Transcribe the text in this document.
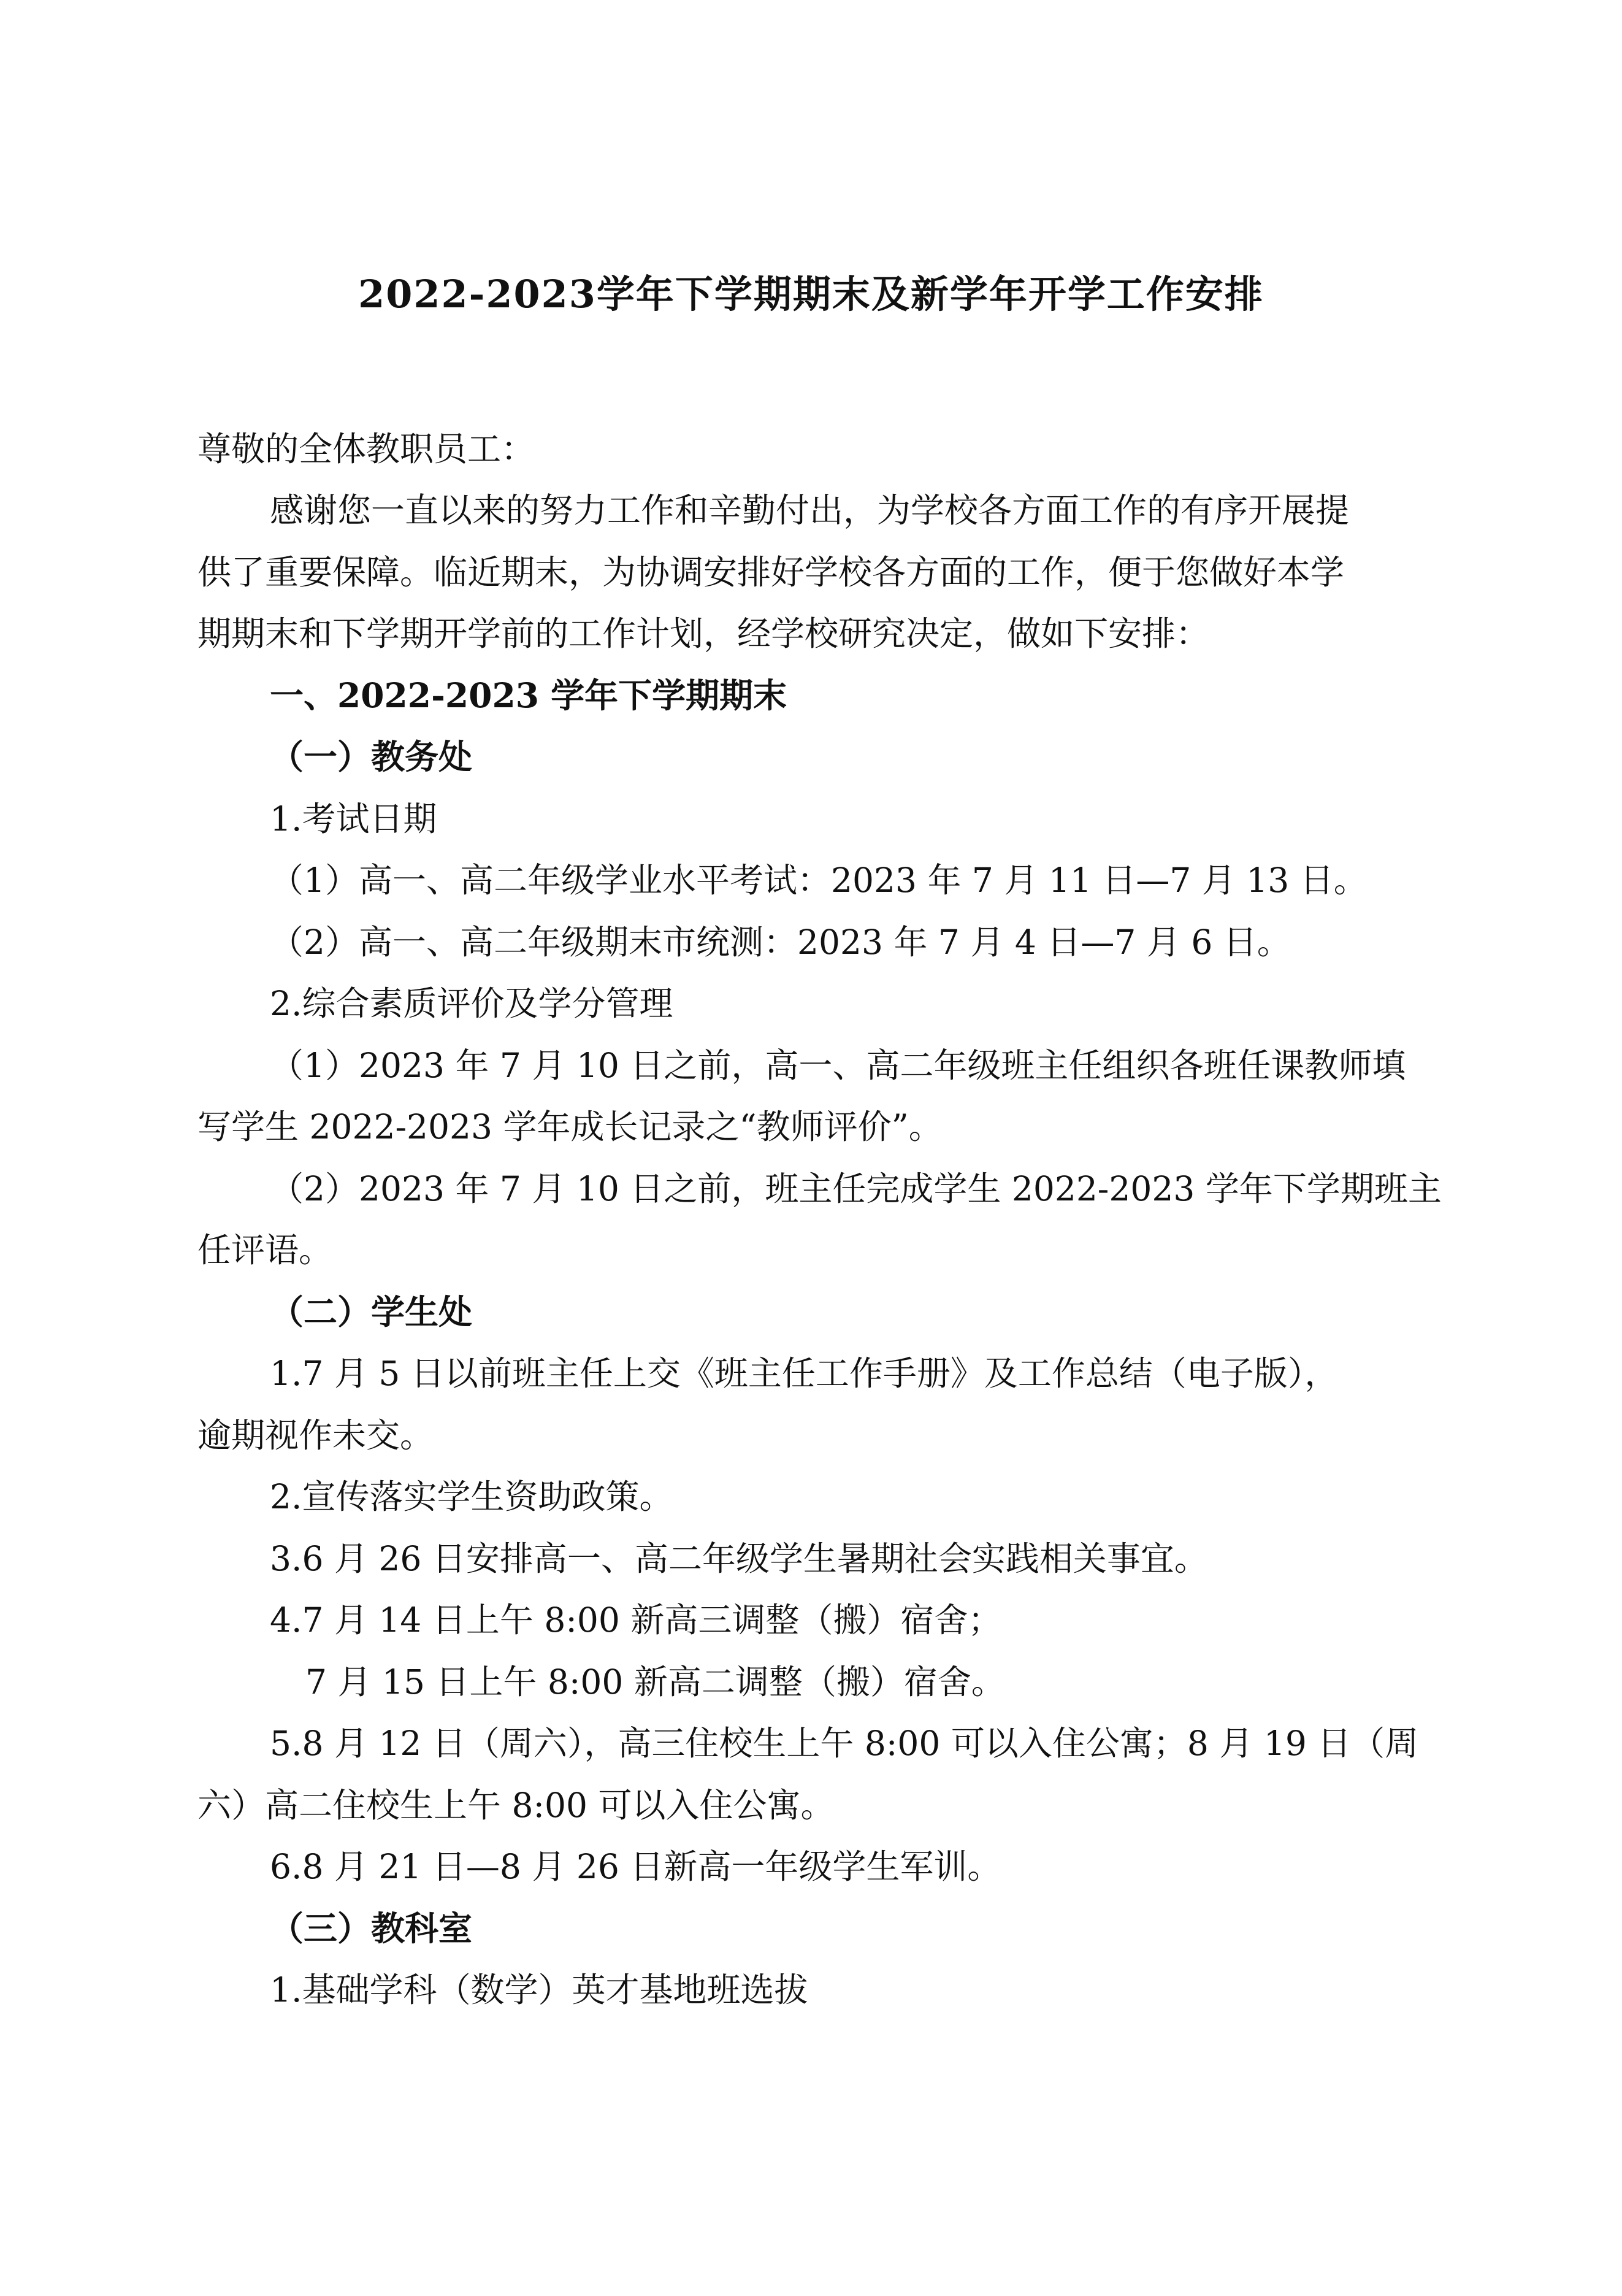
2022-2023学年下学期期末及新学年开学工作安排
尊敬的全体教职员工：
感谢您一直以来的努力工作和辛勤付出，为学校各方面工作的有序开展提
供了重要保障。临近期末，为协调安排好学校各方面的工作，便于您做好本学
期期末和下学期开学前的工作计划，经学校研究决定，做如下安排：
一、2022-2023 学年下学期期末
（一）教务处
1.考试日期
（1）高一、高二年级学业水平考试：2023 年 7 月 11 日—7 月 13 日。
（2）高一、高二年级期末市统测：2023 年 7 月 4 日—7 月 6 日。
2.综合素质评价及学分管理
（1）2023 年 7 月 10 日之前，高一、高二年级班主任组织各班任课教师填
写学生 2022-2023 学年成长记录之“教师评价”。
（2）2023 年 7 月 10 日之前，班主任完成学生 2022-2023 学年下学期班主
任评语。
（二）学生处
1.7 月 5 日以前班主任上交《班主任工作手册》及工作总结（电子版），
逾期视作未交。
2.宣传落实学生资助政策。
3.6 月 26 日安排高一、高二年级学生暑期社会实践相关事宜。
4.7 月 14 日上午 8:00 新高三调整（搬）宿舍；
7 月 15 日上午 8:00 新高二调整（搬）宿舍。
5.8 月 12 日（周六），高三住校生上午 8:00 可以入住公寓；8 月 19 日（周
六）高二住校生上午 8:00 可以入住公寓。
6.8 月 21 日—8 月 26 日新高一年级学生军训。
（三）教科室
1.基础学科（数学）英才基地班选拔
